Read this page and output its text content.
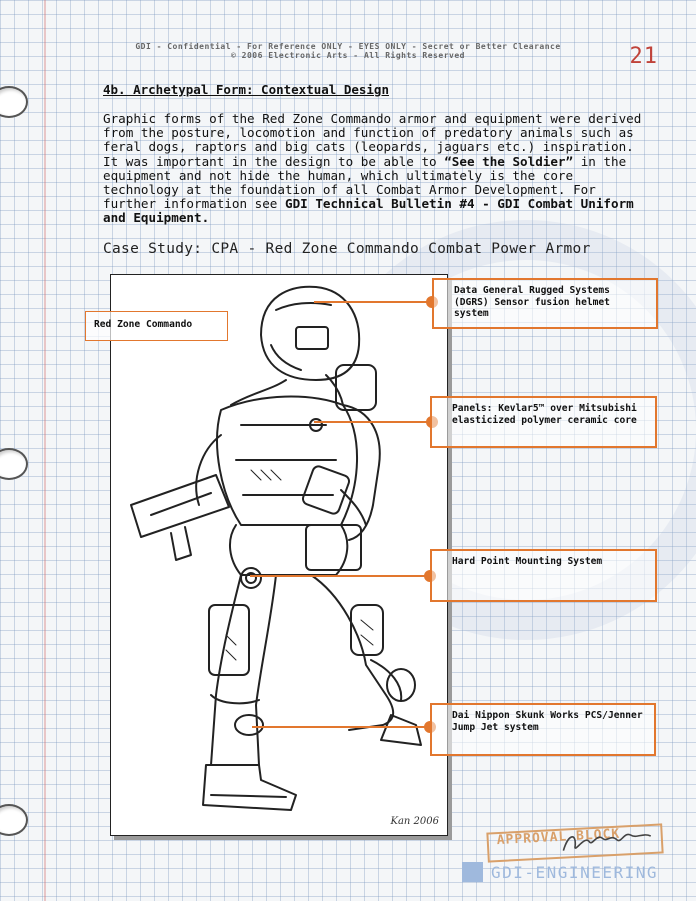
GDI - Confidential - For Reference ONLY - EYES ONLY - Secret or Better Clearance
© 2006 Electronic Arts - All Rights Reserved	21
4b. Archetypal Form: Contextual Design
Graphic forms of the Red Zone Commando armor and equipment were derived from the posture, locomotion and function of predatory animals such as feral dogs, raptors and big cats (leopards, jaguars etc.) inspiration. It was important in the design to be able to “See the Soldier” in the equipment and not hide the human, which ultimately is the core technology at the foundation of all Combat Armor Development. For further information see GDI Technical Bulletin #4 - GDI Combat Uniform and Equipment.
Case Study: CPA - Red Zone Commando Combat Power Armor
Kan 2006
Red Zone Commando
Data General Rugged Systems (DGRS) Sensor fusion helmet system
Panels: Kevlar5™ over Mitsubishi elasticized polymer ceramic core
Hard Point Mounting System
Dai Nippon Skunk Works PCS/Jenner Jump Jet system
APPROVAL BLOCK
GDI-ENGINEERING
